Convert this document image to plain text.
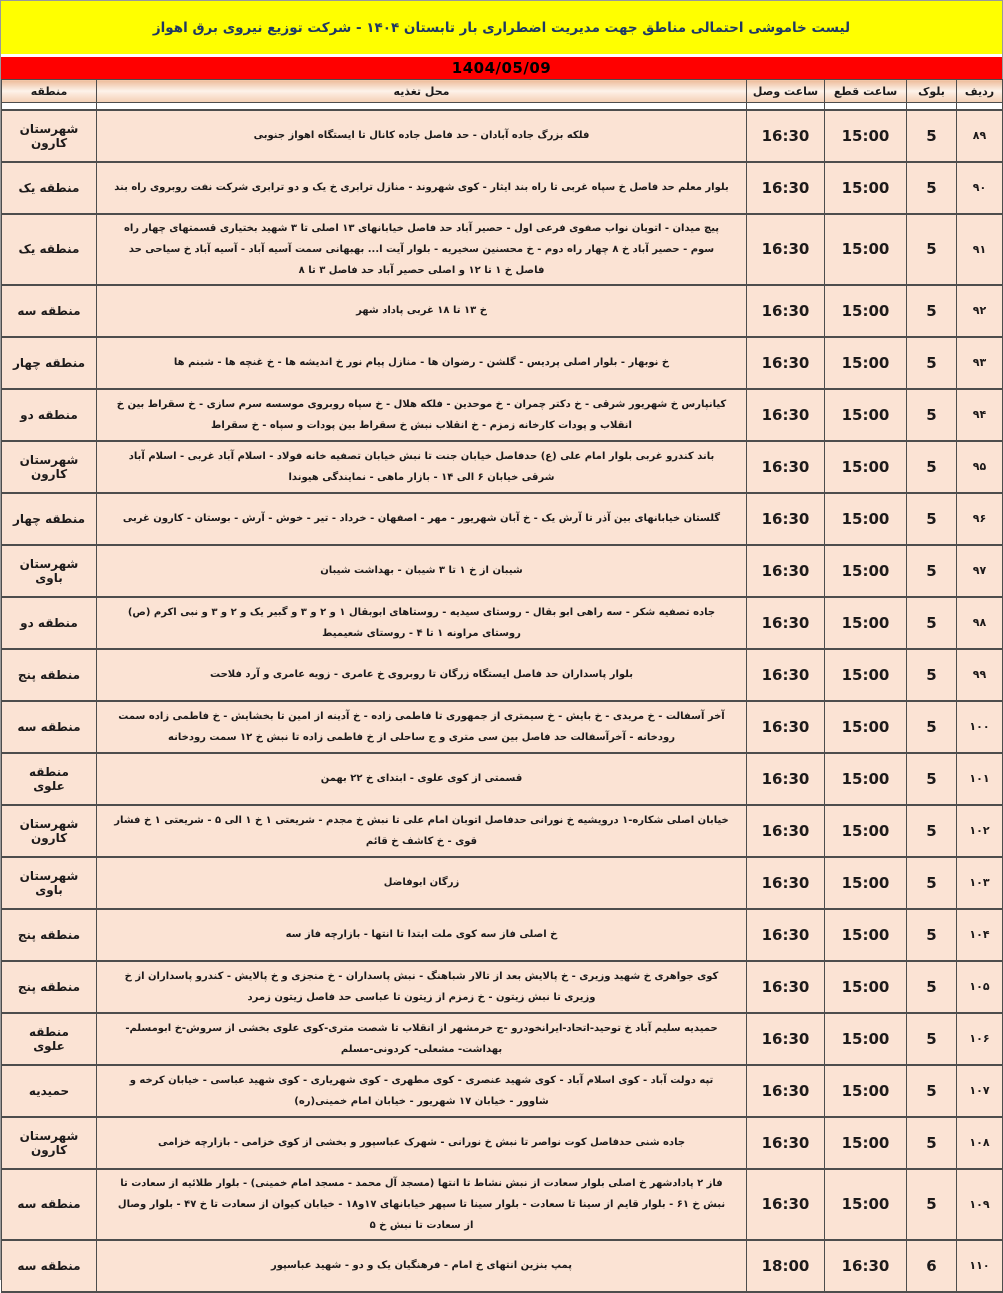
لیست خاموشی احتمالی مناطق جهت مدیریت اضطراری بار تابستان ۱۴۰۴ - شرکت توزیع نیروی برق اهواز
1404/05/09
ردیف	بلوک	ساعت قطع	ساعت وصل	محل تغذیه	منطقه

۸۹	5	15:00	16:30	فلکه بزرگ جاده آبادان - حد فاصل جاده کانال تا ایستگاه اهواز جنوبی	شهرستان کارون
۹۰	5	15:00	16:30	بلوار معلم حد فاصل خ سپاه غربی تا راه بند ایثار - کوی شهروند - منازل ترابری خ یک و دو ترابری شرکت نفت روبروی راه بند	منطقه یک
۹۱	5	15:00	16:30	پیچ میدان - اتوبان نواب صفوی فرعی اول - حصیر آباد حد فاصل خیابانهای ۱۳ اصلی تا ۳ شهید بختیاری قسمتهای چهار راه سوم - حصیر آباد خ ۸ چهار راه دوم - خ محسنین سخیریه - بلوار آیت ا... بهبهانی سمت آسیه آباد - آسیه آباد خ سیاحی حد فاصل خ ۱ تا ۱۲ و اصلی حصیر آباد حد فاصل ۳ تا ۸	منطقه یک
۹۲	5	15:00	16:30	خ ۱۳ تا ۱۸ غربی پاداد شهر	منطقه سه
۹۳	5	15:00	16:30	خ نوبهار - بلوار اصلی پردیس - گلشن - رضوان ها - منازل پیام نور خ اندیشه ها - خ غنچه ها - شبنم ها	منطقه چهار
۹۴	5	15:00	16:30	کیانپارس خ شهریور شرقی - خ دکتر چمران - خ موحدین - فلکه هلال - خ سپاه روبروی موسسه سرم سازی - خ سقراط بین خ انقلاب و پودات کارخانه زمزم - خ انقلاب نبش خ سقراط بین پودات و سپاه - خ سقراط	منطقه دو
۹۵	5	15:00	16:30	باند کندرو غربی بلوار امام علی (ع) حدفاصل خیابان جنت تا نبش خیابان تصفیه خانه فولاد - اسلام آباد غربی - اسلام آباد شرقی خیابان ۶ الی ۱۴ - بازار ماهی - نمایندگی هیوندا	شهرستان کارون
۹۶	5	15:00	16:30	گلستان خیابانهای بین آذر تا آرش یک - خ آبان شهریور - مهر - اصفهان - خرداد - تیر - خوش - آرش - بوستان - کارون غربی	منطقه چهار
۹۷	5	15:00	16:30	شیبان از خ ۱ تا ۳ شیبان - بهداشت شیبان	شهرستان باوی
۹۸	5	15:00	16:30	جاده تصفیه شکر - سه راهی ابو بقال - روستای سیدیه - روستاهای ابوبقال ۱ و ۲ و ۳ و گبیر یک و ۲ و ۳ و نبی اکرم (ص) روستای مراونه ۱ تا ۴ - روستای شعیمیط	منطقه دو
۹۹	5	15:00	16:30	بلوار پاسداران حد فاصل ایستگاه زرگان تا روبروی خ عامری - زویه عامری و آرد فلاحت	منطقه پنج
۱۰۰	5	15:00	16:30	آخر آسفالت - خ مریدی - خ بایش - خ سیمتری از جمهوری تا فاطمی زاده - خ آدینه از امین تا بخشایش - خ فاطمی زاده سمت رودخانه - آخرآسفالت حد فاصل بین سی متری و ج ساحلی از خ فاطمی زاده تا نبش خ ۱۲ سمت رودخانه	منطقه سه
۱۰۱	5	15:00	16:30	قسمتی از کوی علوی - ابتدای خ ۲۲ بهمن	منطقه علوی
۱۰۲	5	15:00	16:30	خیابان اصلی شکاره-۱ درویشیه خ نورانی حدفاصل اتوبان امام علی تا نبش خ مجدم - شریعتی ۱ خ ۱ الی ۵ - شریعتی ۱ خ فشار قوی - خ کاشف خ قائم	شهرستان کارون
۱۰۳	5	15:00	16:30	زرگان ابوفاضل	شهرستان باوی
۱۰۴	5	15:00	16:30	خ اصلی فاز سه کوی ملت ابتدا تا انتها - بازارچه فاز سه	منطقه پنج
۱۰۵	5	15:00	16:30	کوی جواهری خ شهید وزیری - خ پالایش بعد از تالار شباهنگ - نبش پاسداران - خ منجزی و خ پالایش - کندرو پاسداران از خ وزیری تا نبش زیتون - خ زمزم از زیتون تا عباسی حد فاصل زیتون زمرد	منطقه پنج
۱۰۶	5	15:00	16:30	حمیدیه سلیم آباد خ توحید-اتحاد-ایرانخودرو -ج خرمشهر از انقلاب تا شصت متری-کوی علوی بخشی از سروش-خ ابومسلم- بهداشت- مشعلی- کردونی-مسلم	منطقه علوی
۱۰۷	5	15:00	16:30	تپه دولت آباد - کوی اسلام آباد - کوی شهید عنصری - کوی مطهری - کوی شهریاری - کوی شهید عباسی - خیابان کرخه و شاوور - خیابان ۱۷ شهریور - خیابان امام خمینی(ره)	حمیدیه
۱۰۸	5	15:00	16:30	جاده شنی حدفاصل کوت نواصر تا نبش خ نورانی - شهرک عباسپور و بخشی از کوی خزامی - بازارچه خزامی	شهرستان کارون
۱۰۹	5	15:00	16:30	فاز ۲ پادادشهر خ اصلی بلوار سعادت از نبش نشاط تا انتها (مسجد آل محمد - مسجد امام خمینی) - بلوار طلائیه از سعادت تا نبش خ ۶۱ - بلوار قایم از سینا تا سعادت - بلوار سینا تا سپهر خیابانهای ۱۷و۱۸ - خیابان کیوان از سعادت تا خ ۴۷ - بلوار وصال از سعادت تا نبش خ ۵	منطقه سه
۱۱۰	6	16:30	18:00	پمپ بنزین انتهای خ امام - فرهنگیان یک و دو - شهید عباسپور	منطقه سه
